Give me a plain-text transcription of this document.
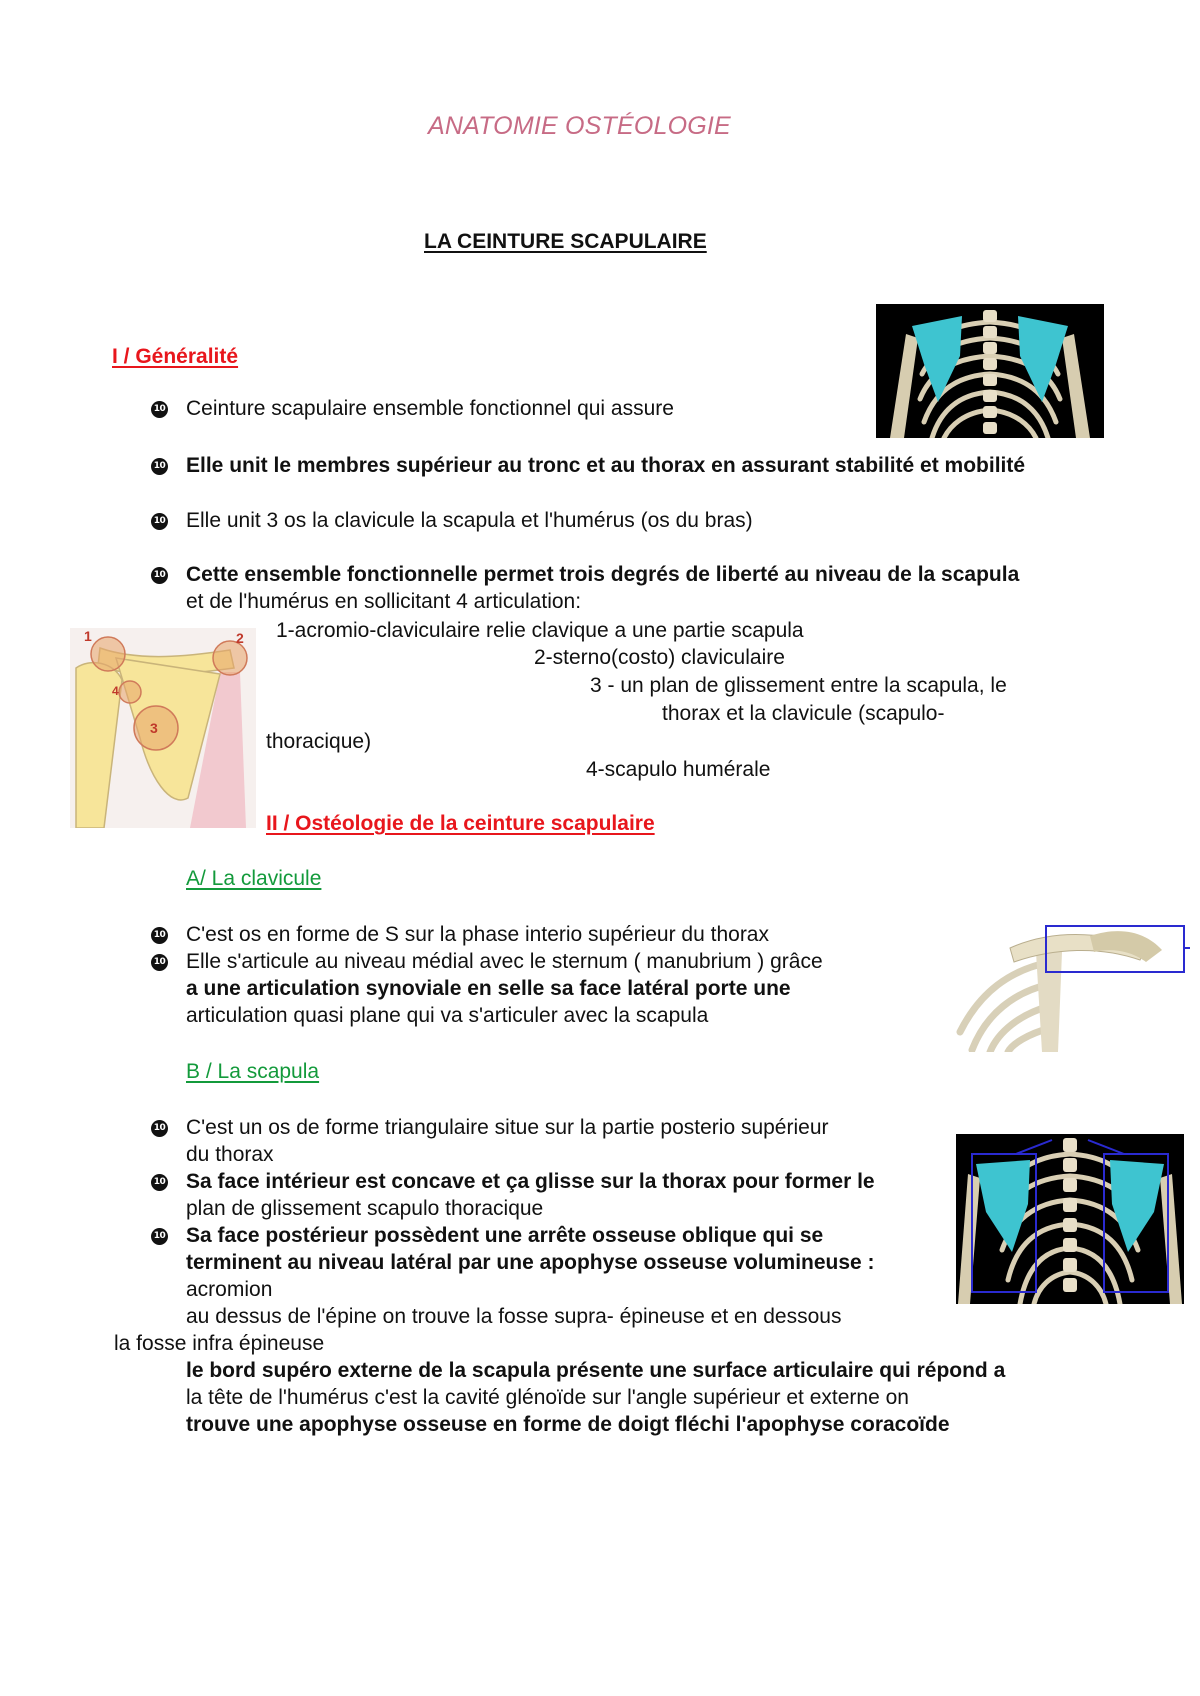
ANATOMIE OSTÉOLOGIE
LA CEINTURE SCAPULAIRE
I / Généralité
10 Ceinture scapulaire ensemble fonctionnel qui assure
10 Elle unit le membres supérieur au tronc et au thorax en assurant stabilité et mobilité
10 Elle unit 3 os la clavicule la scapula et l'humérus (os du bras)
10 Cette ensemble fonctionnelle permet trois degrés de liberté au niveau de la scapula
et de l'humérus en sollicitant 4 articulation:
1	2
3
4
1-acromio-claviculaire relie clavique a une partie scapula
2-sterno(costo) claviculaire
3 - un plan de glissement entre la scapula, le
thorax et la clavicule (scapulo-
thoracique)
4-scapulo humérale
II / Ostéologie de la ceinture scapulaire
A/ La clavicule
10 C'est os en forme de S sur la phase interio supérieur du thorax
10 Elle s'articule au niveau médial avec le sternum ( manubrium ) grâce
a une articulation synoviale en selle sa face latéral porte une
articulation quasi plane qui va s'articuler avec la scapula
B / La scapula
10 C'est un os de forme triangulaire situe sur la partie posterio supérieur
du thorax
10 Sa face intérieur est concave et ça glisse sur la thorax pour former le
plan de glissement scapulo thoracique
10 Sa face postérieur possèdent une arrête osseuse oblique qui se
terminent au niveau latéral par une apophyse osseuse volumineuse :
acromion
au dessus de l'épine on trouve la fosse supra- épineuse et en dessous
la fosse infra épineuse
le bord supéro externe de la scapula présente une surface articulaire qui répond a
la tête de l'humérus c'est la cavité glénoïde sur l'angle supérieur et externe on
trouve une apophyse osseuse en forme de doigt fléchi l'apophyse coracoïde
